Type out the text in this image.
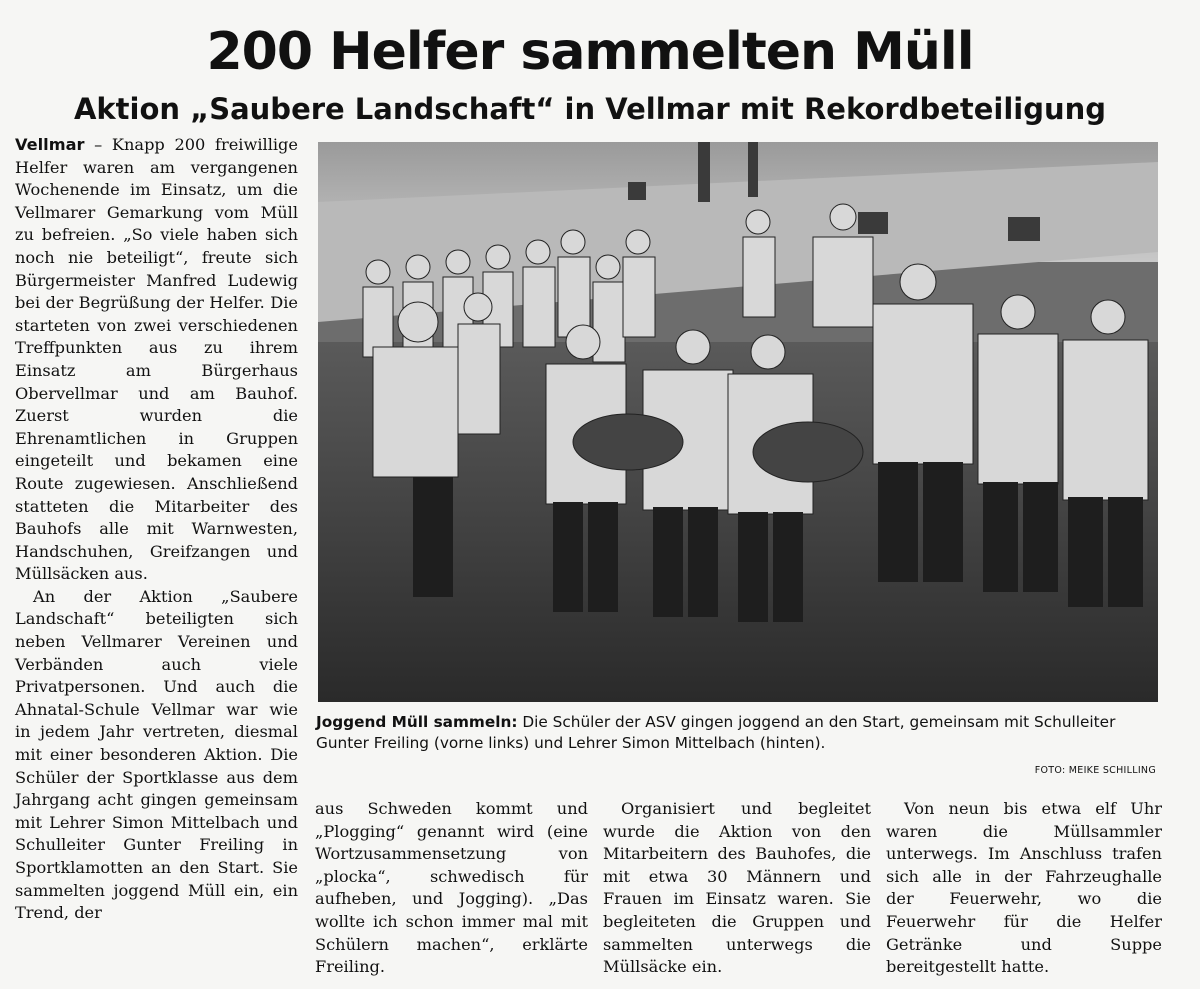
200 Helfer sammelten Müll
Aktion „Saubere Landschaft“ in Vellmar mit Rekordbeteiligung

Vellmar – Knapp 200 freiwillige Helfer waren am vergangenen Wochenende im Einsatz, um die Vellmarer Gemarkung vom Müll zu befreien. „So viele haben sich noch nie beteiligt“, freute sich Bürgermeister Manfred Ludewig bei der Begrüßung der Helfer. Die starteten von zwei verschiedenen Treffpunkten aus zu ihrem Einsatz am Bürgerhaus Obervellmar und am Bauhof. Zuerst wurden die Ehrenamtlichen in Gruppen eingeteilt und bekamen eine Route zugewiesen. Anschließend statteten die Mitarbeiter des Bauhofs alle mit Warnwesten, Handschuhen, Greifzangen und Müllsäcken aus.

An der Aktion „Saubere Landschaft“ beteiligten sich neben Vellmarer Vereinen und Verbänden auch viele Privatpersonen. Und auch die Ahnatal-Schule Vellmar war wie in jedem Jahr vertreten, diesmal mit einer besonderen Aktion. Die Schüler der Sportklasse aus dem Jahrgang acht gingen gemeinsam mit Lehrer Simon Mittelbach und Schulleiter Gunter Freiling in Sportklamotten an den Start. Sie sammelten joggend Müll ein, ein Trend, der

Joggend Müll sammeln: Die Schüler der ASV gingen joggend an den Start, gemeinsam mit Schulleiter Gunter Freiling (vorne links) und Lehrer Simon Mittelbach (hinten).
FOTO: MEIKE SCHILLING

aus Schweden kommt und „Plogging“ genannt wird (eine Wortzusammensetzung von „plocka“, schwedisch für aufheben, und Jogging). „Das wollte ich schon immer mal mit Schülern machen“, erklärte Freiling.

Organisiert und begleitet wurde die Aktion von den Mitarbeitern des Bauhofes, die mit etwa 30 Männern und Frauen im Einsatz waren. Sie begleiteten die Gruppen und sammelten unterwegs die Müllsäcke ein.

Von neun bis etwa elf Uhr waren die Müllsammler unterwegs. Im Anschluss trafen sich alle in der Fahrzeughalle der Feuerwehr, wo die Feuerwehr für die Helfer Getränke und Suppe bereitgestellt hatte.
